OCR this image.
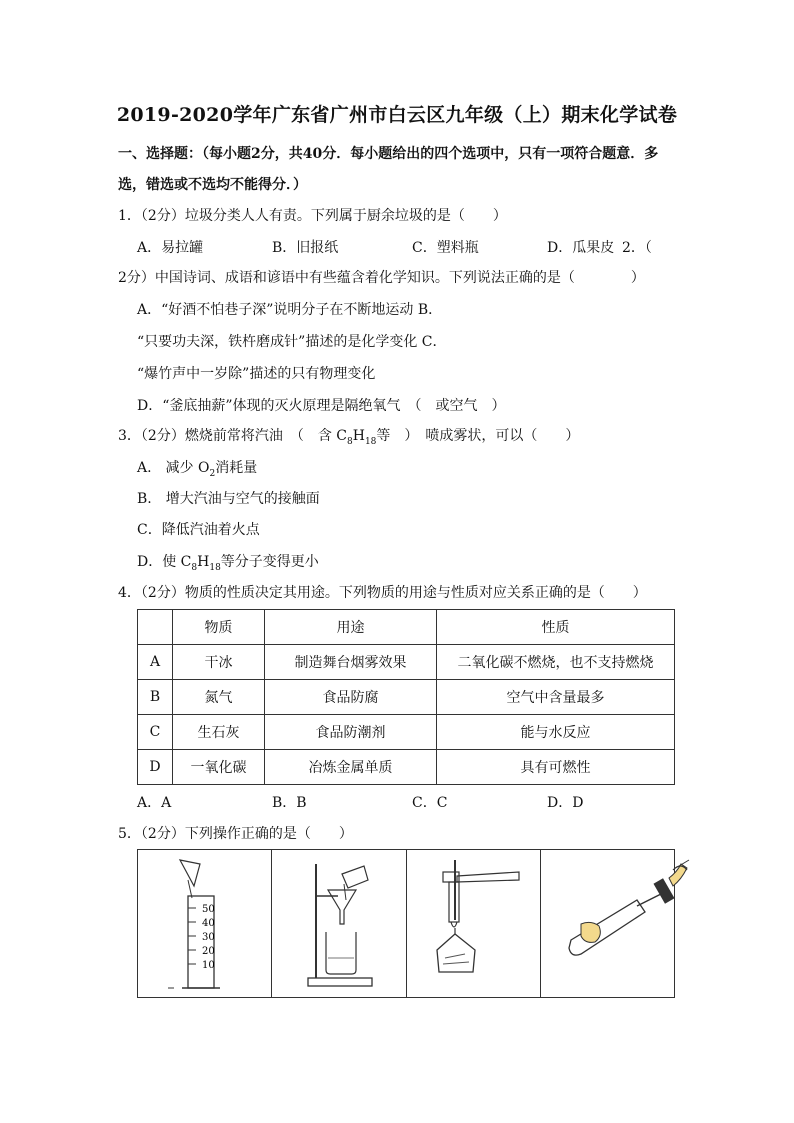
2019-2020学年广东省广州市白云区九年级（上）期末化学试卷
一、选择题：（每小题2分，共40分．每小题给出的四个选项中，只有一项符合题意．多
选，错选或不选均不能得分．）
1．（2分）垃圾分类人人有责。下列属于厨余垃圾的是（　　）
A．易拉罐	B．旧报纸	C．塑料瓶	D．瓜果皮 2．（
2分）中国诗词、成语和谚语中有些蕴含着化学知识。下列说法正确的是（　　　　）
A．“好酒不怕巷子深”说明分子在不断地运动 B．
“只要功夫深，铁杵磨成针”描述的是化学变化 C．
“爆竹声中一岁除”描述的只有物理变化
D．“釜底抽薪”体现的灭火原理是隔绝氧气　（　或空气　）
3．（2分）燃烧前常将汽油　（　含 $C_8H_{18}$等　）　喷成雾状，可以（　　）
A.　减少 $O_2$消耗量
B.　增大汽油与空气的接触面
C．降低汽油着火点
D．使 $C_8H_{18}$等分子变得更小
4．（2分）物质的性质决定其用途。下列物质的用途与性质对应关系正确的是（　　）
	物质	用途	性质
A	干冰	制造舞台烟雾效果	二氧化碳不燃烧，也不支持燃烧
B	氮气	食品防腐	空气中含量最多
C	生石灰	食品防潮剂	能与水反应
D	一氧化碳	冶炼金属单质	具有可燃性
A．A	B．B	C．C	D．D
5．（2分）下列操作正确的是（　　）
50
40
30
20
10
